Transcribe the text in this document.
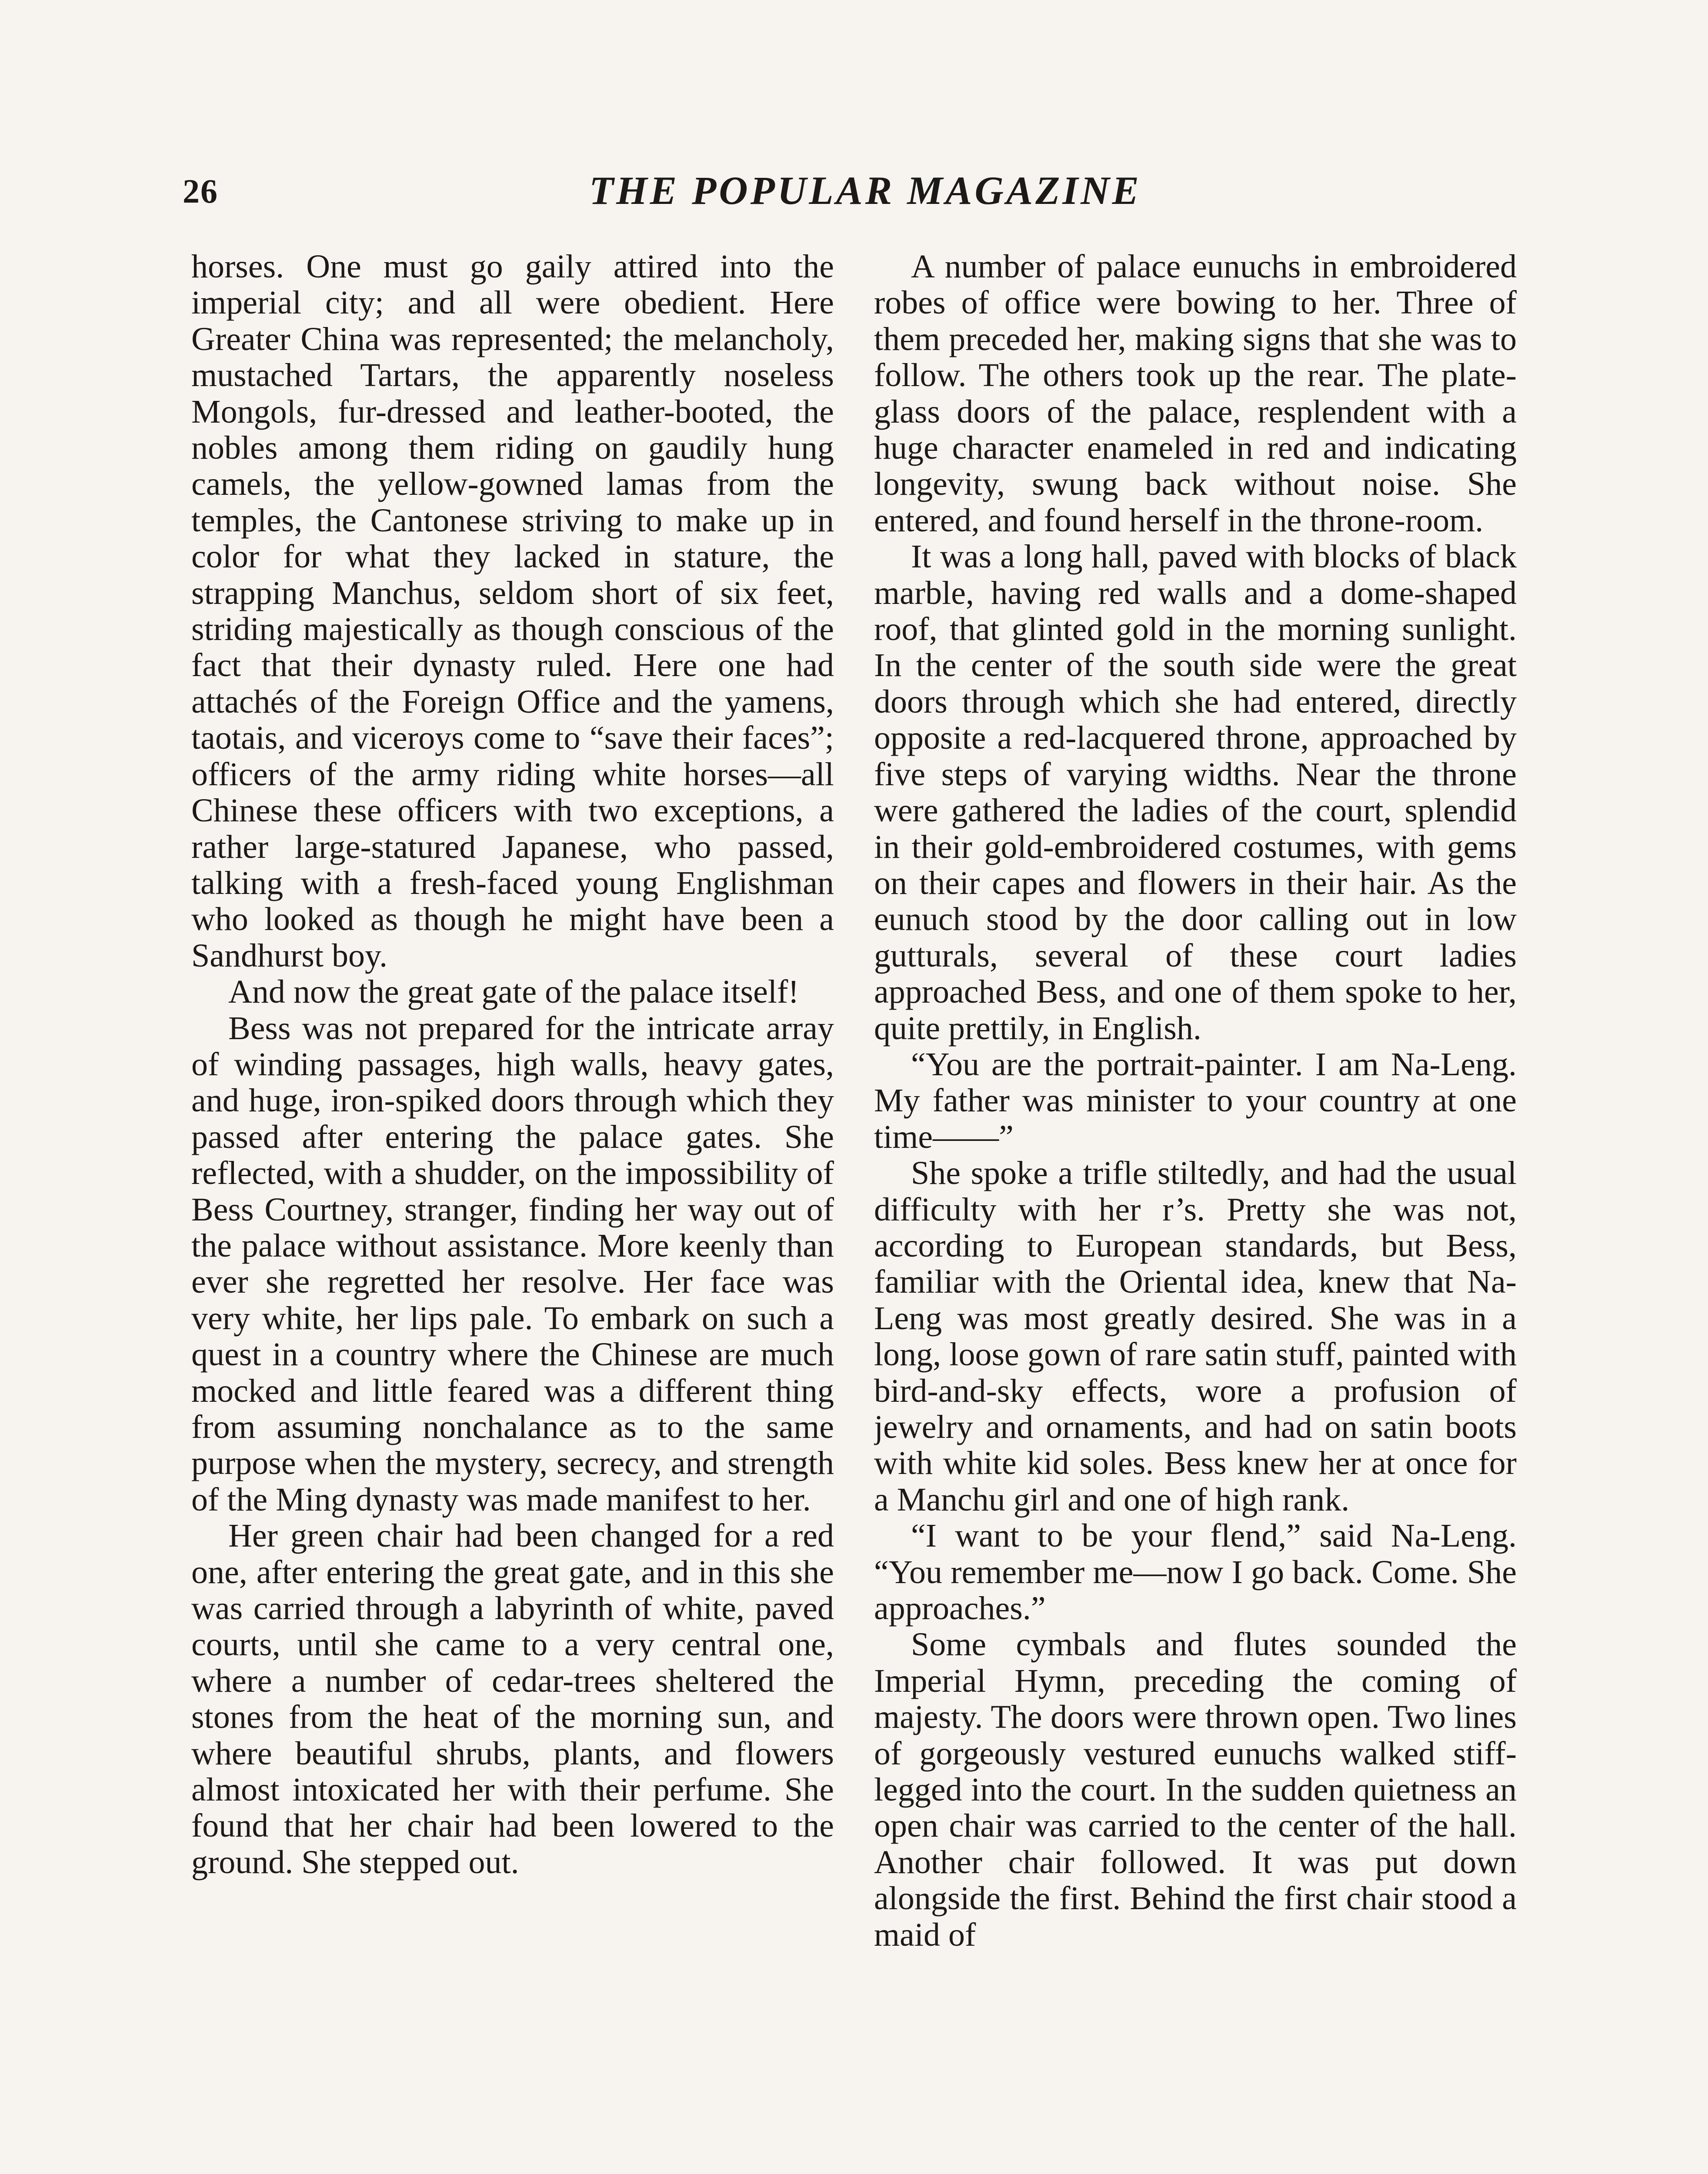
26	THE POPULAR MAGAZINE

horses. One must go gaily attired into the imperial city; and all were obedient. Here Greater China was represented; the melancholy, mustached Tartars, the apparently noseless Mongols, fur-dressed and leather-booted, the nobles among them riding on gaudily hung camels, the yellow-gowned lamas from the temples, the Cantonese striving to make up in color for what they lacked in stature, the strapping Manchus, seldom short of six feet, striding majestically as though conscious of the fact that their dynasty ruled. Here one had attachés of the Foreign Office and the yamens, taotais, and viceroys come to “save their faces”; officers of the army riding white horses—all Chinese these officers with two exceptions, a rather large-statured Japanese, who passed, talking with a fresh-faced young Englishman who looked as though he might have been a Sandhurst boy.

And now the great gate of the palace itself!

Bess was not prepared for the intricate array of winding passages, high walls, heavy gates, and huge, iron-spiked doors through which they passed after entering the palace gates. She reflected, with a shudder, on the impossibility of Bess Courtney, stranger, finding her way out of the palace without assistance. More keenly than ever she regretted her resolve. Her face was very white, her lips pale. To embark on such a quest in a country where the Chinese are much mocked and little feared was a different thing from assuming nonchalance as to the same purpose when the mystery, secrecy, and strength of the Ming dynasty was made manifest to her.

Her green chair had been changed for a red one, after entering the great gate, and in this she was carried through a labyrinth of white, paved courts, until she came to a very central one, where a number of cedar-trees sheltered the stones from the heat of the morning sun, and where beautiful shrubs, plants, and flowers almost intoxicated her with their perfume. She found that her chair had been lowered to the ground. She stepped out.

A number of palace eunuchs in embroidered robes of office were bowing to her. Three of them preceded her, making signs that she was to follow. The others took up the rear. The plate-glass doors of the palace, resplendent with a huge character enameled in red and indicating longevity, swung back without noise. She entered, and found herself in the throne-room.

It was a long hall, paved with blocks of black marble, having red walls and a dome-shaped roof, that glinted gold in the morning sunlight. In the center of the south side were the great doors through which she had entered, directly opposite a red-lacquered throne, approached by five steps of varying widths. Near the throne were gathered the ladies of the court, splendid in their gold-embroidered costumes, with gems on their capes and flowers in their hair. As the eunuch stood by the door calling out in low gutturals, several of these court ladies approached Bess, and one of them spoke to her, quite prettily, in English.

“You are the portrait-painter. I am Na-Leng. My father was minister to your country at one time——”

She spoke a trifle stiltedly, and had the usual difficulty with her r’s. Pretty she was not, according to European standards, but Bess, familiar with the Oriental idea, knew that Na-Leng was most greatly desired. She was in a long, loose gown of rare satin stuff, painted with bird-and-sky effects, wore a profusion of jewelry and ornaments, and had on satin boots with white kid soles. Bess knew her at once for a Manchu girl and one of high rank.

“I want to be your flend,” said Na-Leng. “You remember me—now I go back. Come. She approaches.”

Some cymbals and flutes sounded the Imperial Hymn, preceding the coming of majesty. The doors were thrown open. Two lines of gorgeously vestured eunuchs walked stiff-legged into the court. In the sudden quietness an open chair was carried to the center of the hall. Another chair followed. It was put down alongside the first. Behind the first chair stood a maid of
